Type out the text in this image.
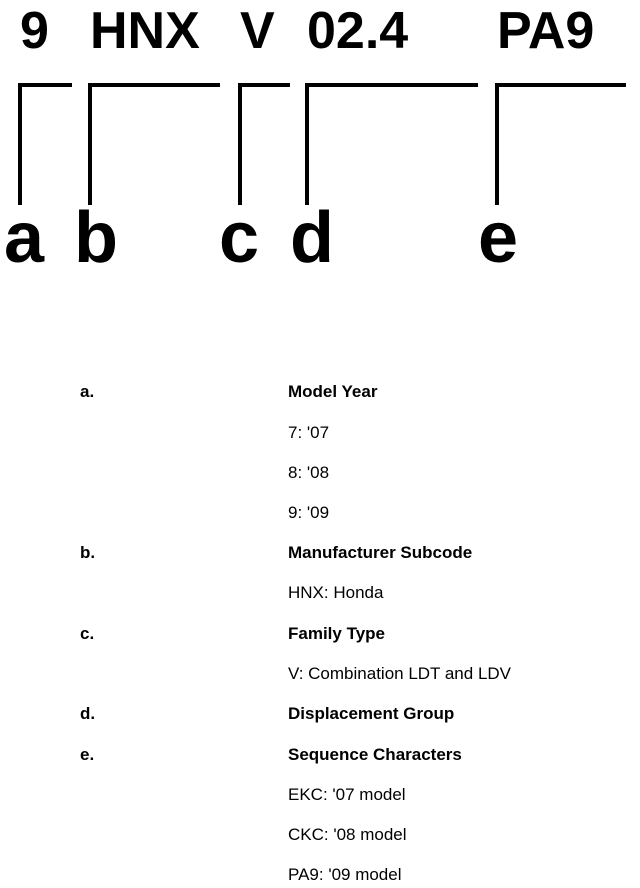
9 HNX V 02.4 PA9
a b c d e
a.	Model Year
7: '07
8: '08
9: '09
b.	Manufacturer Subcode
HNX: Honda
c.	Family Type
V: Combination LDT and LDV
d.	Displacement Group
e.	Sequence Characters
EKC: '07 model
CKC: '08 model
PA9: '09 model
